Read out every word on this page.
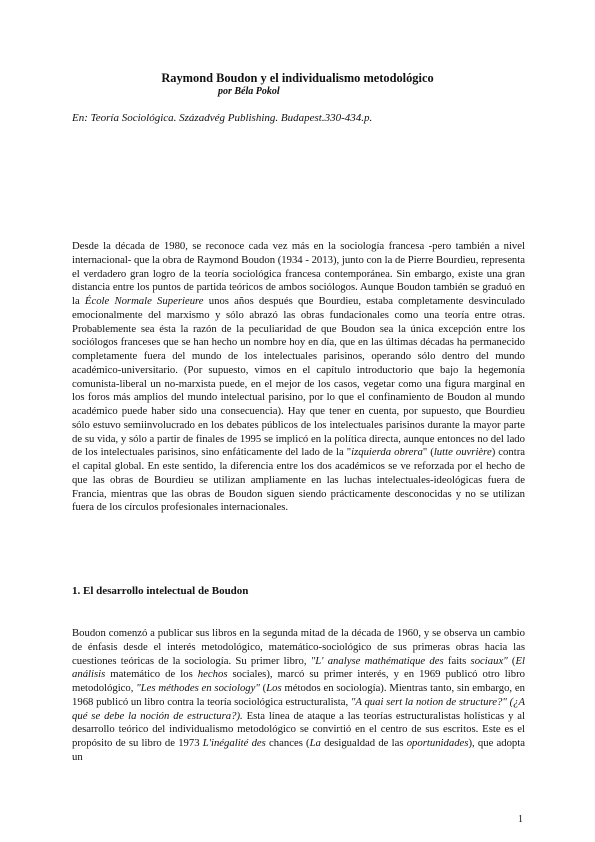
Raymond Boudon y el individualismo metodológico
por Béla Pokol
En: Teoría Sociológica. Századvég Publishing. Budapest.330-434.p.

Desde la década de 1980, se reconoce cada vez más en la sociología francesa -pero también a nivel internacional- que la obra de Raymond Boudon (1934 - 2013), junto con la de Pierre Bourdieu, representa el verdadero gran logro de la teoría sociológica francesa contemporánea. Sin embargo, existe una gran distancia entre los puntos de partida teóricos de ambos sociólogos. Aunque Boudon también se graduó en la École Normale Superieure unos años después que Bourdieu, estaba completamente desvinculado emocionalmente del marxismo y sólo abrazó las obras fundacionales como una teoría entre otras. Probablemente sea ésta la razón de la peculiaridad de que Boudon sea la única excepción entre los sociólogos franceses que se han hecho un nombre hoy en día, que en las últimas décadas ha permanecido completamente fuera del mundo de los intelectuales parisinos, operando sólo dentro del mundo académico-universitario. (Por supuesto, vimos en el capítulo introductorio que bajo la hegemonía comunista-liberal un no-marxista puede, en el mejor de los casos, vegetar como una figura marginal en los foros más amplios del mundo intelectual parisino, por lo que el confinamiento de Boudon al mundo académico puede haber sido una consecuencia). Hay que tener en cuenta, por supuesto, que Bourdieu sólo estuvo semiinvolucrado en los debates públicos de los intelectuales parisinos durante la mayor parte de su vida, y sólo a partir de finales de 1995 se implicó en la política directa, aunque entonces no del lado de los intelectuales parisinos, sino enfáticamente del lado de la "izquierda obrera" (lutte ouvrière) contra el capital global. En este sentido, la diferencia entre los dos académicos se ve reforzada por el hecho de que las obras de Bourdieu se utilizan ampliamente en las luchas intelectuales-ideológicas fuera de Francia, mientras que las obras de Boudon siguen siendo prácticamente desconocidas y no se utilizan fuera de los círculos profesionales internacionales.

1. El desarrollo intelectual de Boudon

Boudon comenzó a publicar sus libros en la segunda mitad de la década de 1960, y se observa un cambio de énfasis desde el interés metodológico, matemático-sociológico de sus primeras obras hacia las cuestiones teóricas de la sociología. Su primer libro, "L' analyse mathématique des faits sociaux" (El análisis matemático de los hechos sociales), marcó su primer interés, y en 1969 publicó otro libro metodológico, "Les méthodes en sociology" (Los métodos en sociología). Mientras tanto, sin embargo, en 1968 publicó un libro contra la teoría sociológica estructuralista, "A quai sert la notion de structure?" (¿A qué se debe la noción de estructura?). Esta línea de ataque a las teorías estructuralistas holísticas y al desarrollo teórico del individualismo metodológico se convirtió en el centro de sus escritos. Este es el propósito de su libro de 1973 L'inégalité des chances (La desigualdad de las oportunidades), que adopta un

1
